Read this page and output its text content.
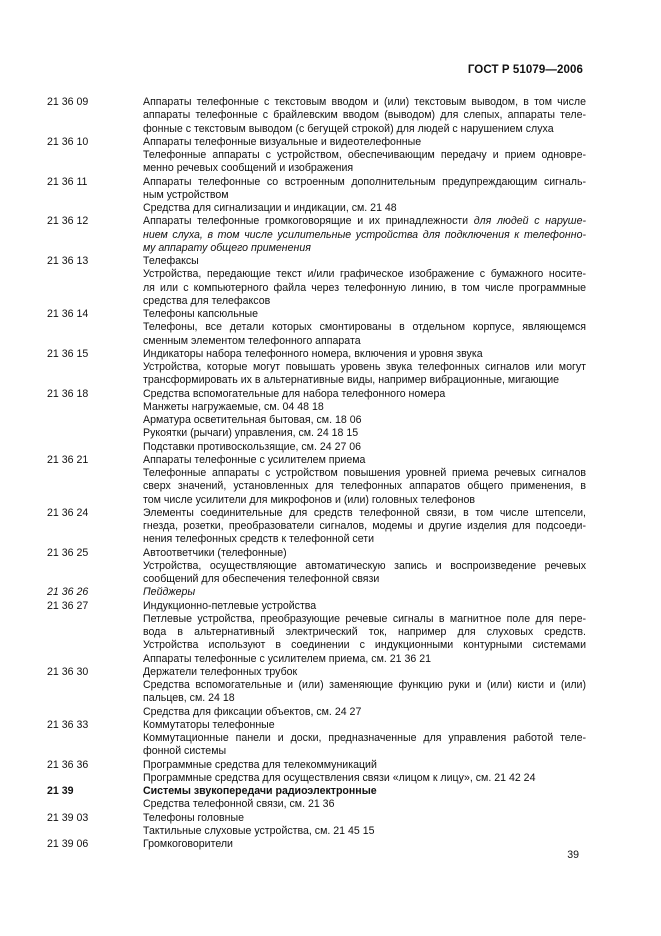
ГОСТ Р 51079—2006
21 36 09	Аппараты телефонные с текстовым вводом и (или) текстовым выводом, в том числе
аппараты телефонные с брайлевским вводом (выводом) для слепых, аппараты теле-
фонные с текстовым выводом (с бегущей строкой) для людей с нарушением слуха
21 36 10	Аппараты телефонные визуальные и видеотелефонные
Телефонные аппараты с устройством, обеспечивающим передачу и прием одновре-
менно речевых сообщений и изображения
21 36 11	Аппараты телефонные со встроенным дополнительным предупреждающим сигналь-
ным устройством
Средства для сигнализации и индикации, см. 21 48
21 36 12	Аппараты телефонные громкоговорящие и их принадлежности для людей с наруше-
нием слуха, в том числе усилительные устройства для подключения к телефонно-
му аппарату общего применения
21 36 13	Телефаксы
Устройства, передающие текст и/или графическое изображение с бумажного носите-
ля или с компьютерного файла через телефонную линию, в том числе программные
средства для телефаксов
21 36 14	Телефоны капсюльные
Телефоны, все детали которых смонтированы в отдельном корпусе, являющемся
сменным элементом телефонного аппарата
21 36 15	Индикаторы набора телефонного номера, включения и уровня звука
Устройства, которые могут повышать уровень звука телефонных сигналов или могут
трансформировать их в альтернативные виды, например вибрационные, мигающие
21 36 18	Средства вспомогательные для набора телефонного номера
Манжеты нагружаемые, см. 04 48 18
Арматура осветительная бытовая, см. 18 06
Рукоятки (рычаги) управления, см. 24 18 15
Подставки противоскользящие, см. 24 27 06
21 36 21	Аппараты телефонные с усилителем приема
Телефонные аппараты с устройством повышения уровней приема речевых сигналов
сверх значений, установленных для телефонных аппаратов общего применения, в
том числе усилители для микрофонов и (или) головных телефонов
21 36 24	Элементы соединительные для средств телефонной связи, в том числе штепсели,
гнезда, розетки, преобразователи сигналов, модемы и другие изделия для подсоеди-
нения телефонных средств к телефонной сети
21 36 25	Автоответчики (телефонные)
Устройства, осуществляющие автоматическую запись и воспроизведение речевых
сообщений для обеспечения телефонной связи
21 36 26	Пейджеры
21 36 27	Индукционно-петлевые устройства
Петлевые устройства, преобразующие речевые сигналы в магнитное поле для пере-
вода в альтернативный электрический ток, например для слуховых средств.
Устройства используют в соединении с индукционными контурными системами
Аппараты телефонные с усилителем приема, см. 21 36 21
21 36 30	Держатели телефонных трубок
Средства вспомогательные и (или) заменяющие функцию руки и (или) кисти и (или)
пальцев, см. 24 18
Средства для фиксации объектов, см. 24 27
21 36 33	Коммутаторы телефонные
Коммутационные панели и доски, предназначенные для управления работой теле-
фонной системы
21 36 36	Программные средства для телекоммуникаций
Программные средства для осуществления связи «лицом к лицу», см. 21 42 24
21 39	Системы звукопередачи радиоэлектронные
Средства телефонной связи, см. 21 36
21 39 03	Телефоны головные
Тактильные слуховые устройства, см. 21 45 15
21 39 06	Громкоговорители
39
